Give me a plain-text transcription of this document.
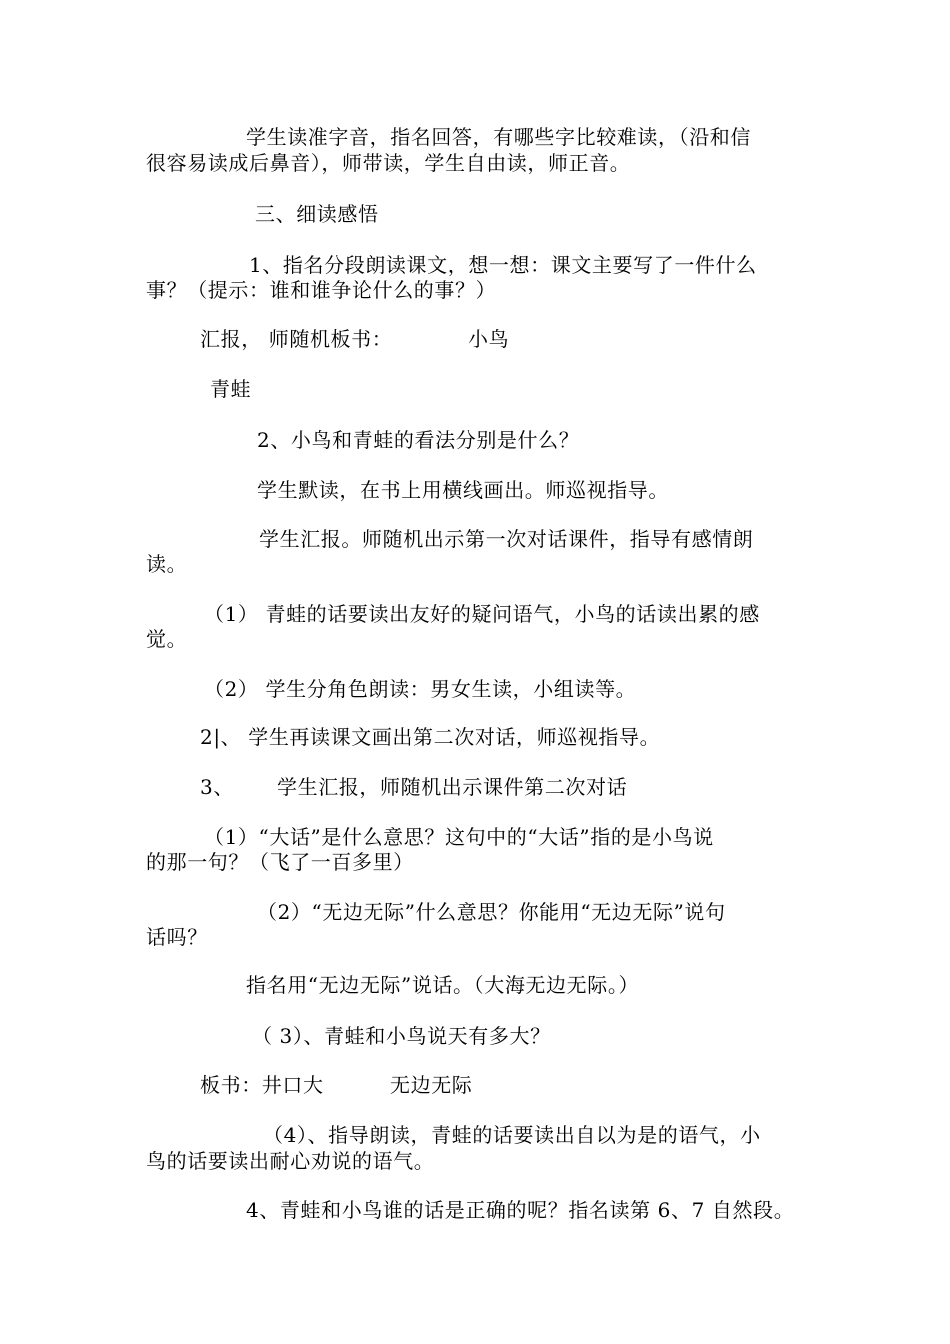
学生读准字音，指名回答，有哪些字比较难读，（沿和信
很容易读成后鼻音），师带读，学生自由读，师正音。
三、细读感悟
1、指名分段朗读课文，想一想：课文主要写了一件什么
事？（提示：谁和谁争论什么的事？）
汇报， 师随机板书：	小鸟
青蛙
2、小鸟和青蛙的看法分别是什么？
学生默读，在书上用横线画出。师巡视指导。
学生汇报。师随机出示第一次对话课件，指导有感情朗
读。
（1） 青蛙的话要读出友好的疑问语气，小鸟的话读出累的感
觉。
（2） 学生分角色朗读：男女生读，小组读等。
2|、 学生再读课文画出第二次对话，师巡视指导。
3、 学生汇报，师随机出示课件第二次对话
（1）“大话”是什么意思？这句中的“大话”指的是小鸟说
的那一句？（飞了一百多里）
（2）“无边无际”什么意思？你能用“无边无际”说句
话吗？
指名用“无边无际”说话。（大海无边无际。）
（ 3）、青蛙和小鸟说天有多大？
板书：井口大	无边无际
（4）、指导朗读，青蛙的话要读出自以为是的语气，小
鸟的话要读出耐心劝说的语气。
4、青蛙和小鸟谁的话是正确的呢？指名读第 6、7 自然段。
